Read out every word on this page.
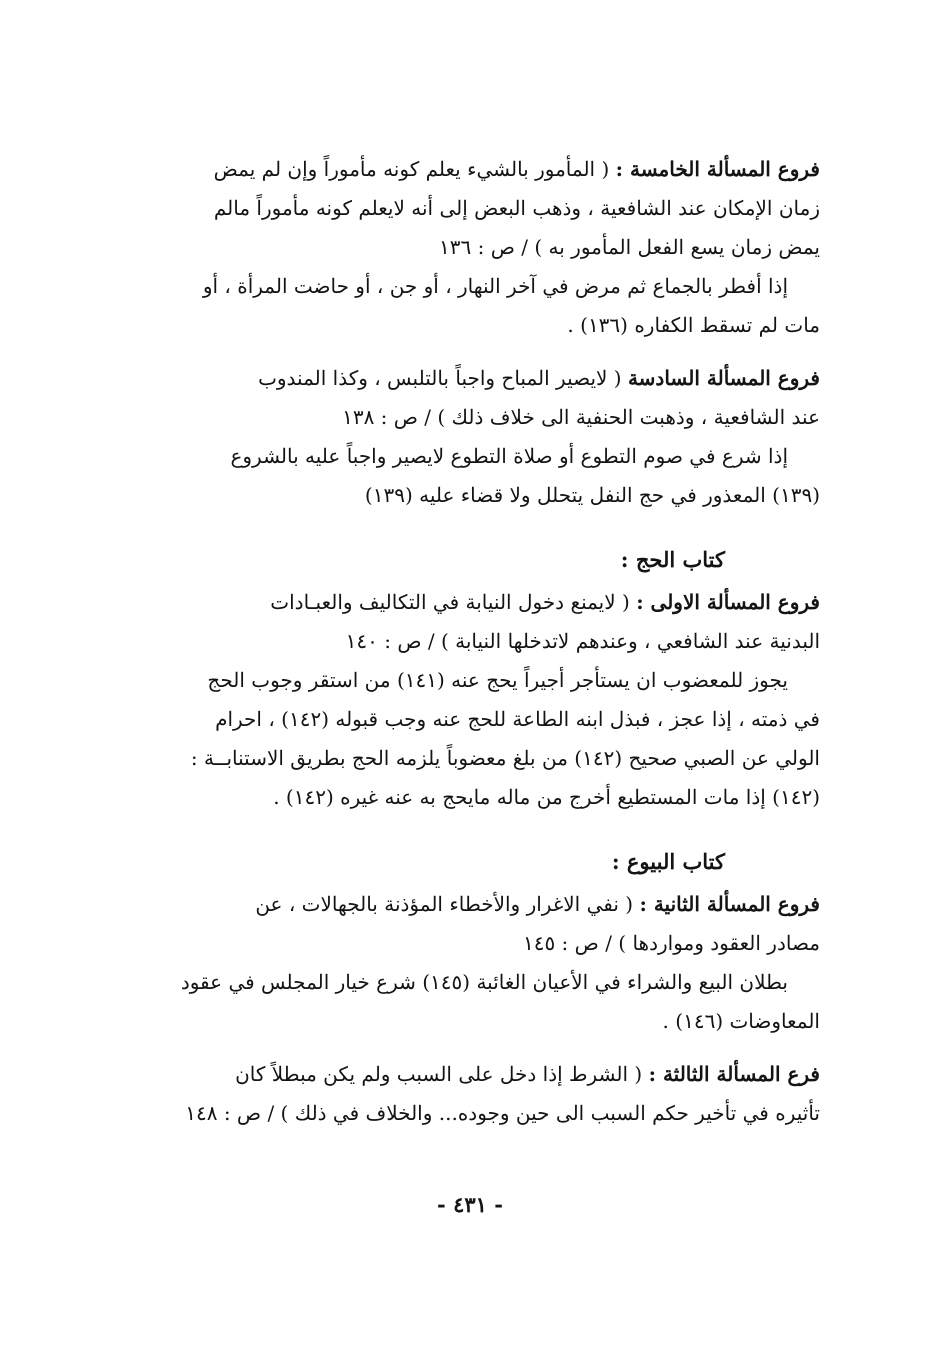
فروع المسألة الخامسة : ( المأمور بالشيء يعلم كونه مأموراً وإن لم يمض
زمان الإمكان عند الشافعية ، وذهب البعض إلى أنه لايعلم كونه مأموراً مالم
يمض زمان يسع الفعل المأمور به ) / ص : ١٣٦
إذا أفطر بالجماع ثم مرض في آخر النهار ، أو جن ، أو حاضت المرأة ، أو
مات لم تسقط الكفاره (١٣٦) .
فروع المسألة السادسة ( لايصير المباح واجباً بالتلبس ، وكذا المندوب
عند الشافعية ، وذهبت الحنفية الى خلاف ذلك ) / ص : ١٣٨
إذا شرع في صوم التطوع أو صلاة التطوع لايصير واجباً عليه بالشروع
(١٣٩) المعذور في حج النفل يتحلل ولا قضاء عليه (١٣٩)
كتاب الحج :
فروع المسألة الاولى : ( لايمنع دخول النيابة في التكاليف والعبـادات
البدنية عند الشافعي ، وعندهم لاتدخلها النيابة ) / ص : ١٤٠
يجوز للمعضوب ان يستأجر أجيراً يحج عنه (١٤١) من استقر وجوب الحج
في ذمته ، إذا عجز ، فبذل ابنه الطاعة للحج عنه وجب قبوله (١٤٢) ، احرام
الولي عن الصبي صحيح (١٤٢) من بلغ معضوباً يلزمه الحج بطريق الاستنابــة :
(١٤٢) إذا مات المستطيع أخرج من ماله مايحج به عنه غيره (١٤٢) .
كتاب البيوع :
فروع المسألة الثانية : ( نفي الاغرار والأخطاء المؤذنة بالجهالات ، عن
مصادر العقود ومواردها ) / ص : ١٤٥
بطلان البيع والشراء في الأعيان الغائبة (١٤٥) شرع خيار المجلس في عقود
المعاوضات (١٤٦) .
فرع المسألة الثالثة : ( الشرط إذا دخل على السبب ولم يكن مبطلاً كان
تأثيره في تأخير حكم السبب الى حين وجوده... والخلاف في ذلك ) / ص : ١٤٨
- ٤٣١ -
